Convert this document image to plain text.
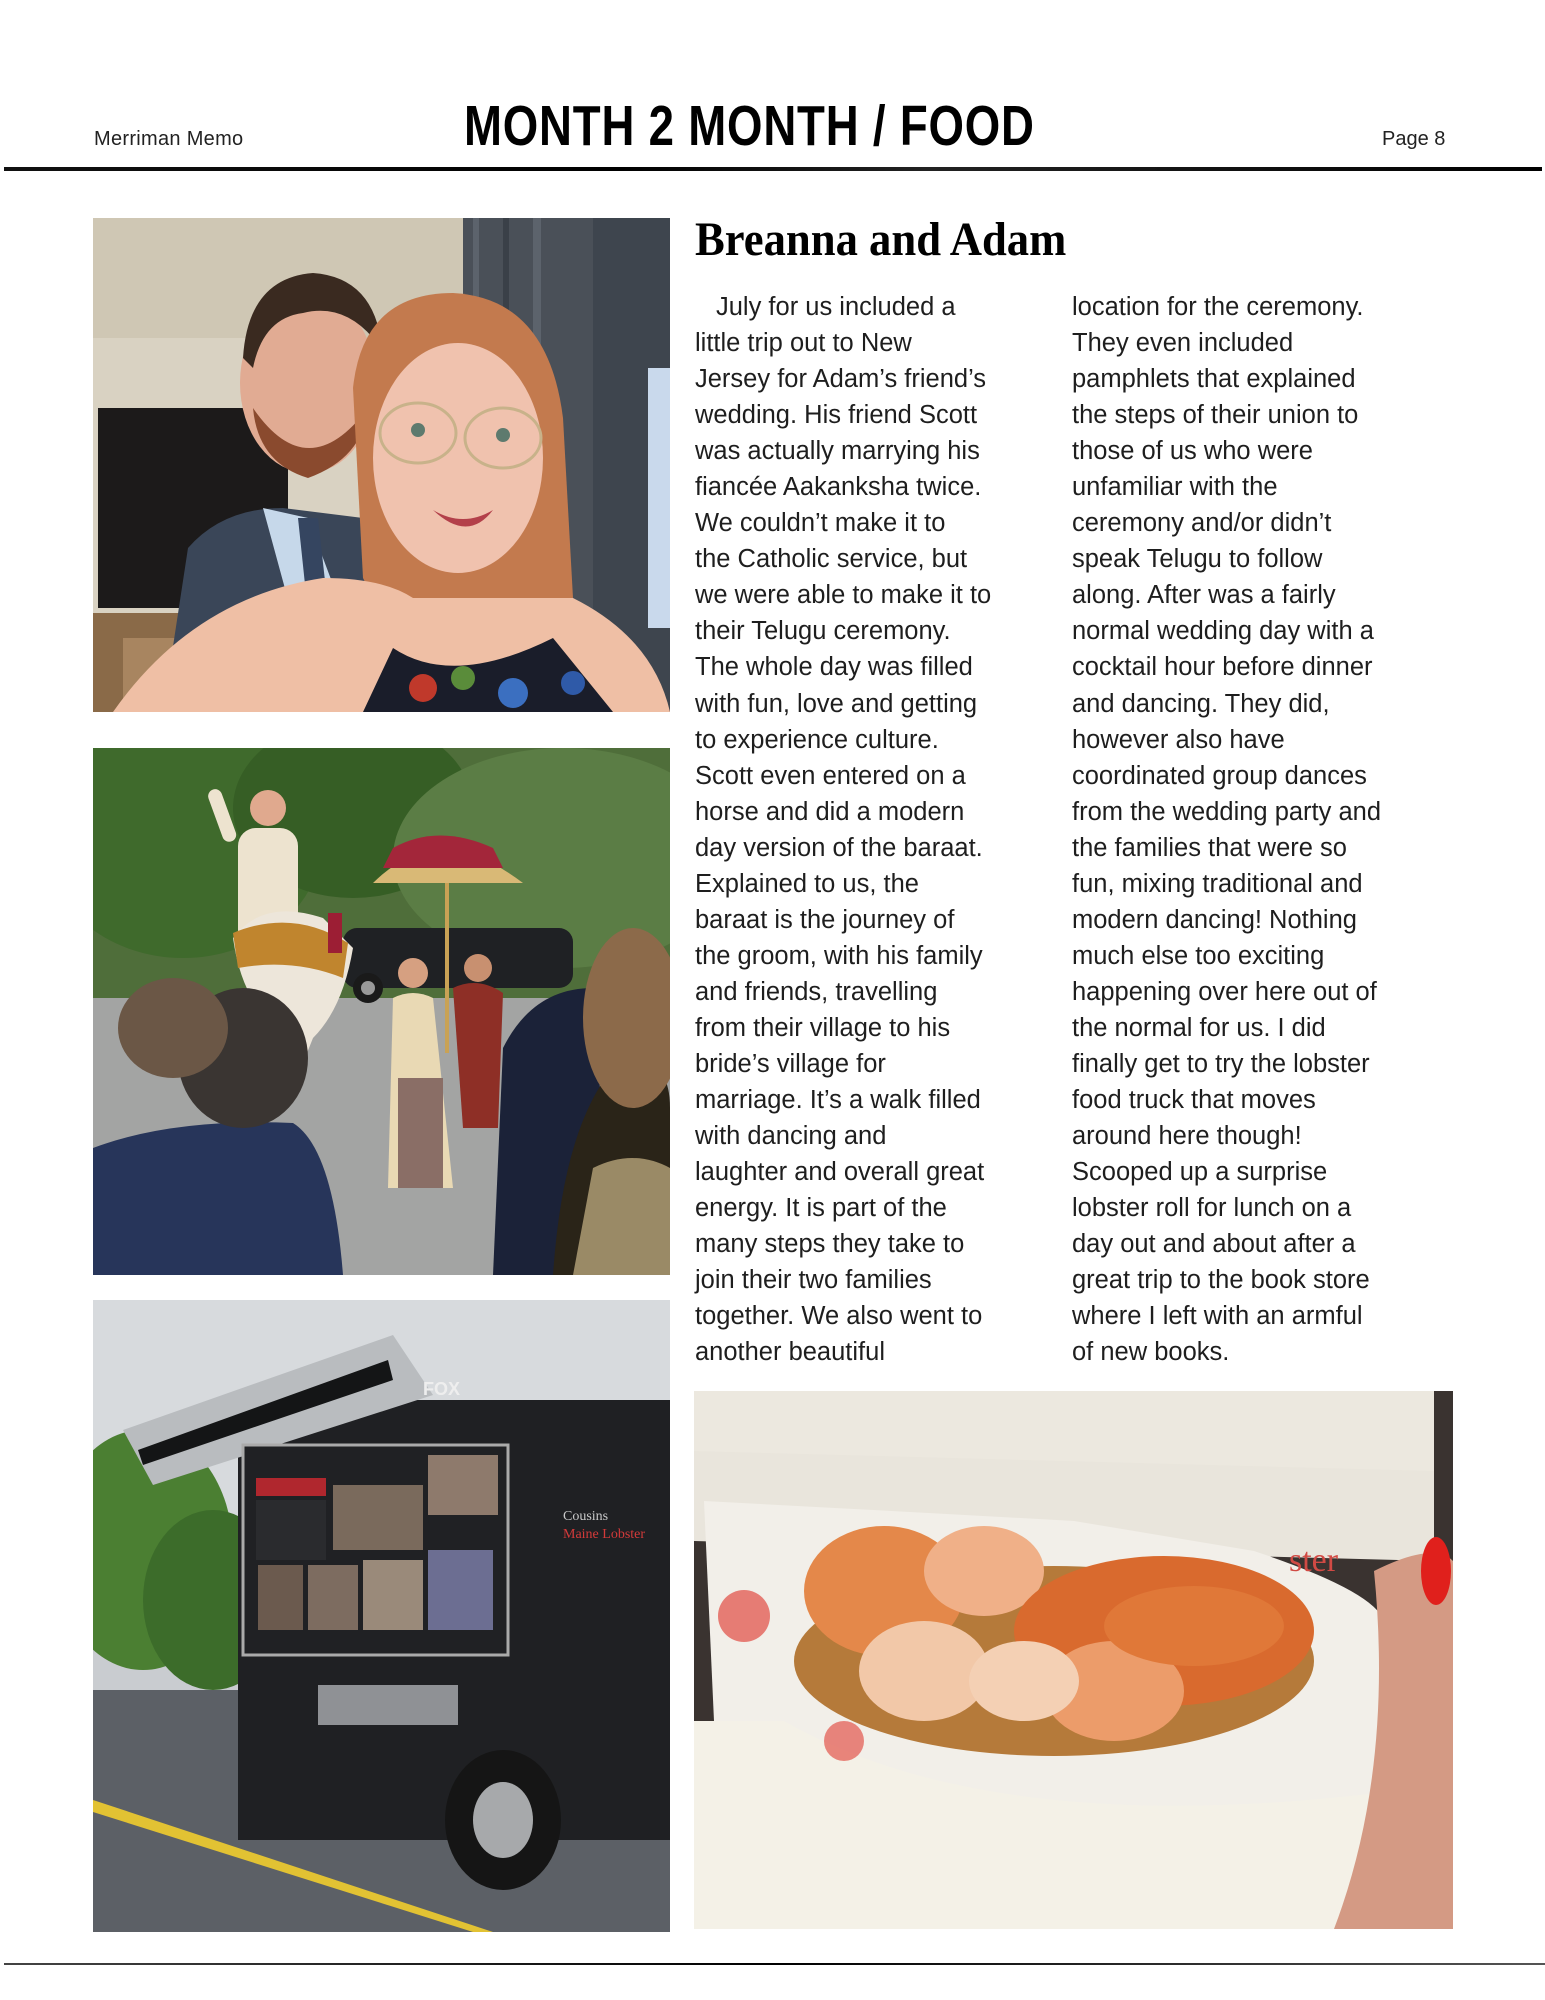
Merriman Memo	MONTH 2 MONTH / FOOD	Page 8
Cousins
Maine Lobster
FOX
Breanna and Adam
July for us included a
little trip out to New
Jersey for Adam’s friend’s
wedding. His friend Scott
was actually marrying his
fiancée Aakanksha twice.
We couldn’t make it to
the Catholic service, but
we were able to make it to
their Telugu ceremony.
The whole day was filled
with fun, love and getting
to experience culture.
Scott even entered on a
horse and did a modern
day version of the baraat.
Explained to us, the
baraat is the journey of
the groom, with his family
and friends, travelling
from their village to his
bride’s village for
marriage. It’s a walk filled
with dancing and
laughter and overall great
energy. It is part of the
many steps they take to
join their two families
together. We also went to
another beautiful
location for the ceremony.
They even included
pamphlets that explained
the steps of their union to
those of us who were
unfamiliar with the
ceremony and/or didn’t
speak Telugu to follow
along. After was a fairly
normal wedding day with a
cocktail hour before dinner
and dancing. They did,
however also have
coordinated group dances
from the wedding party and
the families that were so
fun, mixing traditional and
modern dancing! Nothing
much else too exciting
happening over here out of
the normal for us. I did
finally get to try the lobster
food truck that moves
around here though!
Scooped up a surprise
lobster roll for lunch on a
day out and about after a
great trip to the book store
where I left with an armful
of new books.
ster
